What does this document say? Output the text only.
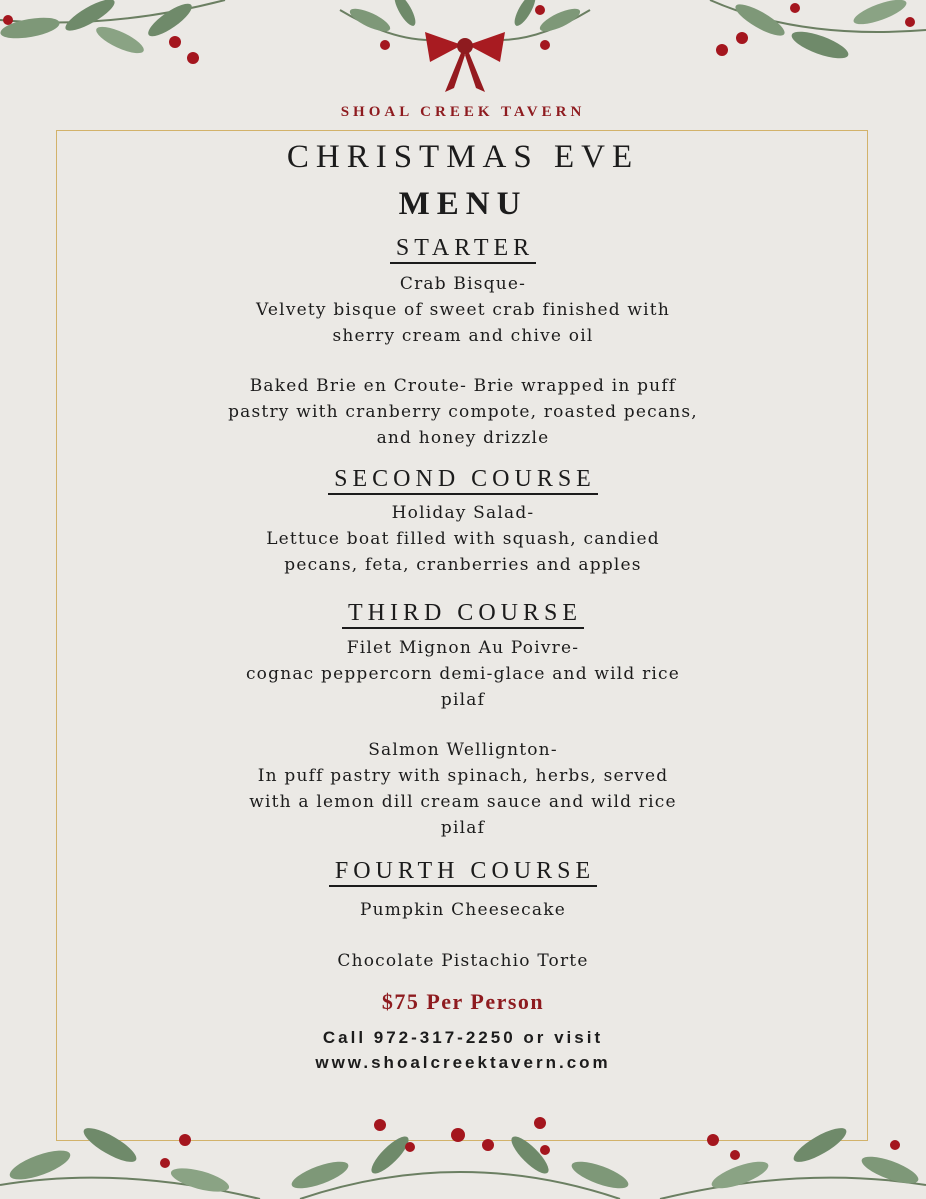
SHOAL CREEK TAVERN
CHRISTMAS EVE
MENU
STARTER
Crab Bisque-
Velvety bisque of sweet crab finished with
sherry cream and chive oil
Baked Brie en Croute- Brie wrapped in puff
pastry with cranberry compote, roasted pecans,
and honey drizzle
SECOND COURSE
Holiday Salad-
Lettuce boat filled with squash, candied
pecans, feta, cranberries and apples
THIRD COURSE
Filet Mignon Au Poivre-
cognac peppercorn demi-glace and wild rice
pilaf
Salmon Wellignton-
In puff pastry with spinach, herbs, served
with a lemon dill cream sauce and wild rice
pilaf
FOURTH COURSE
Pumpkin Cheesecake
Chocolate Pistachio Torte
$75 Per Person
Call 972-317-2250 or visit
www.shoalcreektavern.com
